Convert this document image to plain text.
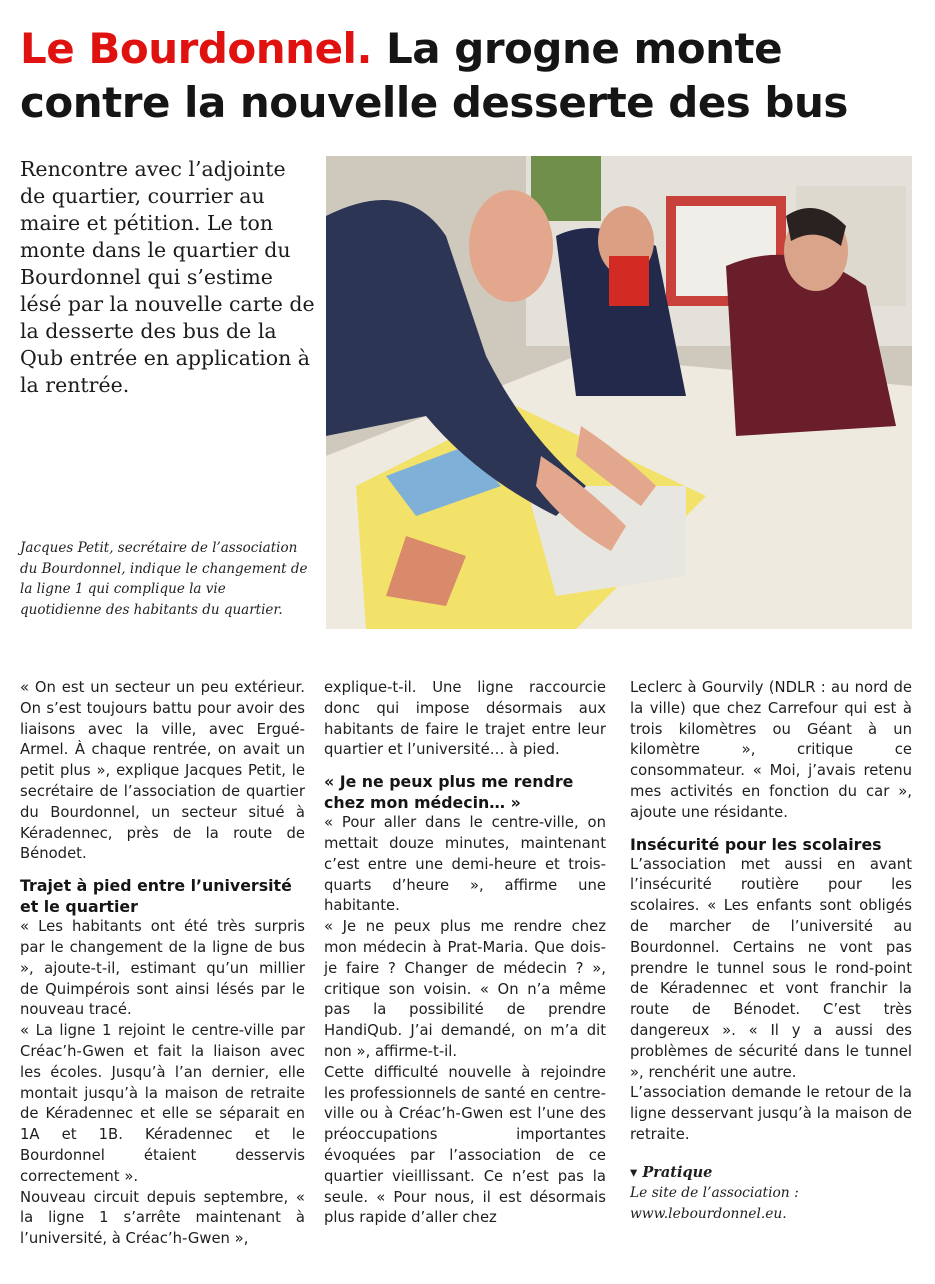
Le Bourdonnel. La grogne monte contre la nouvelle desserte des bus

Rencontre avec l’adjointe de quartier, courrier au maire et pétition. Le ton monte dans le quartier du Bourdonnel qui s’estime lésé par la nouvelle carte de la desserte des bus de la Qub entrée en application à la rentrée.

Jacques Petit, secrétaire de l’association du Bourdonnel, indique le changement de la ligne 1 qui complique la vie quotidienne des habitants du quartier.

« On est un secteur un peu extérieur. On s’est toujours battu pour avoir des liaisons avec la ville, avec Ergué-Armel. À chaque rentrée, on avait un petit plus », explique Jacques Petit, le secrétaire de l’association de quartier du Bourdonnel, un secteur situé à Kéradennec, près de la route de Bénodet.

Trajet à pied entre l’université et le quartier

« Les habitants ont été très surpris par le changement de la ligne de bus », ajoute-t-il, estimant qu’un millier de Quimpérois sont ainsi lésés par le nouveau tracé.

« La ligne 1 rejoint le centre-ville par Créac’h-Gwen et fait la liaison avec les écoles. Jusqu’à l’an dernier, elle montait jusqu’à la maison de retraite de Kéradennec et elle se séparait en 1A et 1B. Kéradennec et le Bourdonnel étaient desservis correctement ».

Nouveau circuit depuis septembre, « la ligne 1 s’arrête maintenant à l’université, à Créac’h-Gwen »,

explique-t-il. Une ligne raccourcie donc qui impose désormais aux habitants de faire le trajet entre leur quartier et l’université… à pied.

« Je ne peux plus me rendre chez mon médecin… »

« Pour aller dans le centre-ville, on mettait douze minutes, maintenant c’est entre une demi-heure et trois-quarts d’heure », affirme une habitante.

« Je ne peux plus me rendre chez mon médecin à Prat-Maria. Que dois-je faire ? Changer de médecin ? », critique son voisin. « On n’a même pas la possibilité de prendre HandiQub. J’ai demandé, on m’a dit non », affirme-t-il.

Cette difficulté nouvelle à rejoindre les professionnels de santé en centre-ville ou à Créac’h-Gwen est l’une des préoccupations importantes évoquées par l’association de ce quartier vieillissant. Ce n’est pas la seule. « Pour nous, il est désormais plus rapide d’aller chez

Leclerc à Gourvily (NDLR : au nord de la ville) que chez Carrefour qui est à trois kilomètres ou Géant à un kilomètre », critique ce consommateur. « Moi, j’avais retenu mes activités en fonction du car », ajoute une résidante.

Insécurité pour les scolaires

L’association met aussi en avant l’insécurité routière pour les scolaires. « Les enfants sont obligés de marcher de l’université au Bourdonnel. Certains ne vont pas prendre le tunnel sous le rond-point de Kéradennec et vont franchir la route de Bénodet. C’est très dangereux ». « Il y a aussi des problèmes de sécurité dans le tunnel », renchérit une autre.

L’association demande le retour de la ligne desservant jusqu’à la maison de retraite.

▾ Pratique
Le site de l’association :
www.lebourdonnel.eu.
